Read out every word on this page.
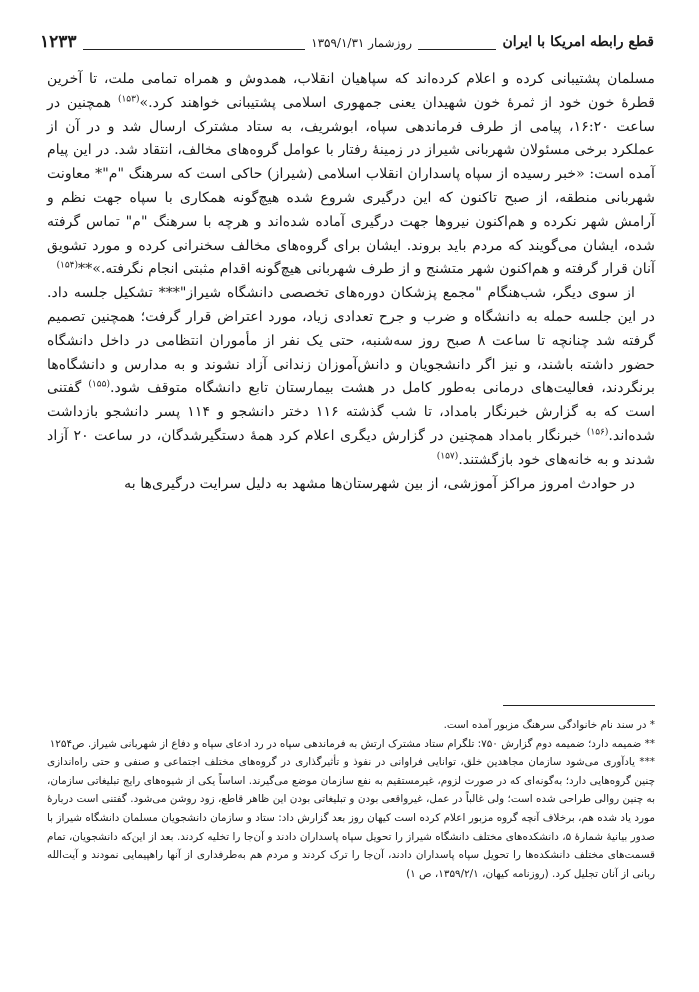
قطع رابطه امریکا با ایران
روزشمار ۱۳۵۹/۱/۳۱
۱۲۳۳

مسلمان پشتیبانی کرده و اعلام کرده‌اند که سپاهیان انقلاب، همدوش و همراه تمامی ملت، تا آخرین قطرهٔ خون خود از ثمرهٔ خون شهیدان یعنی جمهوری اسلامی پشتیبانی خواهند کرد.»$^{(۱۵۳)}$ همچنین در ساعت ۱۶:۲۰، پیامی از طرف فرماندهی سپاه، ابوشریف، به ستاد مشترک ارسال شد و در آن از عملکرد برخی مسئولان شهربانی شیراز در زمینهٔ رفتار با عوامل گروه‌های مخالف، انتقاد شد. در این پیام آمده است: «خبر رسیده از سپاه پاسداران انقلاب اسلامی (شیراز) حاکی است که سرهنگ "م"* معاونت شهربانی منطقه، از صبح تاکنون که این درگیری شروع شده هیچ‌گونه همکاری با سپاه جهت نظم و آرامش شهر نکرده و هم‌اکنون نیروها جهت درگیری آماده شده‌اند و هرچه با سرهنگ "م" تماس گرفته شده، ایشان می‌گویند که مردم باید بروند. ایشان برای گروه‌های مخالف سخنرانی کرده و مورد تشویق آنان قرار گرفته و هم‌اکنون شهر متشنج و از طرف شهربانی هیچ‌گونه اقدام مثبتی انجام نگرفته.»**$^{(۱۵۴)}$

از سوی دیگر، شب‌هنگام "مجمع پزشکان دوره‌های تخصصی دانشگاه شیراز"*** تشکیل جلسه داد. در این جلسه حمله به دانشگاه و ضرب و جرح تعدادی زیاد، مورد اعتراض قرار گرفت؛ همچنین تصمیم گرفته شد چنانچه تا ساعت ۸ صبح روز سه‌شنبه، حتی یک نفر از مأموران انتظامی در داخل دانشگاه حضور داشته باشند، و نیز اگر دانشجویان و دانش‌آموزان زندانی آزاد نشوند و به مدارس و دانشگاه‌ها برنگردند، فعالیت‌های درمانی به‌طور کامل در هشت بیمارستان تابع دانشگاه متوقف شود.$^{(۱۵۵)}$ گفتنی است که به گزارش خبرنگار بامداد، تا شب گذشته ۱۱۶ دختر دانشجو و ۱۱۴ پسر دانشجو بازداشت شده‌اند.$^{(۱۵۶)}$ خبرنگار بامداد همچنین در گزارش دیگری اعلام کرد همهٔ دستگیرشدگان، در ساعت ۲۰ آزاد شدند و به خانه‌های خود بازگشتند.$^{(۱۵۷)}$

در حوادث امروز مراکز آموزشی، از بین شهرستان‌ها مشهد به دلیل سرایت درگیری‌ها به

* در سند نام خانوادگی سرهنگ مزبور آمده است.

** ضمیمه دارد؛ ضمیمه دوم گزارش ۷۵۰: تلگرام ستاد مشترک ارتش به فرماندهی سپاه در رد ادعای سپاه و دفاع از شهربانی شیراز. ص۱۲۵۴

*** یادآوری می‌شود سازمان مجاهدین خلق، توانایی فراوانی در نفوذ و تأثیرگذاری در گروه‌های مختلف اجتماعی و صنفی و حتی راه‌اندازی چنین گروه‌هایی دارد؛ به‌گونه‌ای که در صورت لزوم، غیرمستقیم به نفع سازمان موضع می‌گیرند. اساساً یکی از شیوه‌های رایج تبلیغاتی سازمان، به چنین روالی طراحی شده است؛ ولی غالباً در عمل، غیرواقعی بودن و تبلیغاتی بودن این ظاهر قاطع، زود روشن می‌شود. گفتنی است دربارهٔ مورد یاد شده هم، برخلاف آنچه گروه مزبور اعلام کرده است کیهان روز بعد گزارش داد: ستاد و سازمان دانشجویان مسلمان دانشگاه شیراز با صدور بیانیهٔ شمارهٔ ۵، دانشکده‌های مختلف دانشگاه شیراز را تحویل سپاه پاسداران دادند و آن‌جا را تخلیه کردند. بعد از این‌که دانشجویان، تمام قسمت‌های مختلف دانشکده‌ها را تحویل سپاه پاسداران دادند، آن‌جا را ترک کردند و مردم هم به‌طرفداری از آنها راهپیمایی نمودند و آیت‌الله ربانی از آنان تجلیل کرد. (روزنامه کیهان، ۱۳۵۹/۲/۱، ص ۱)
